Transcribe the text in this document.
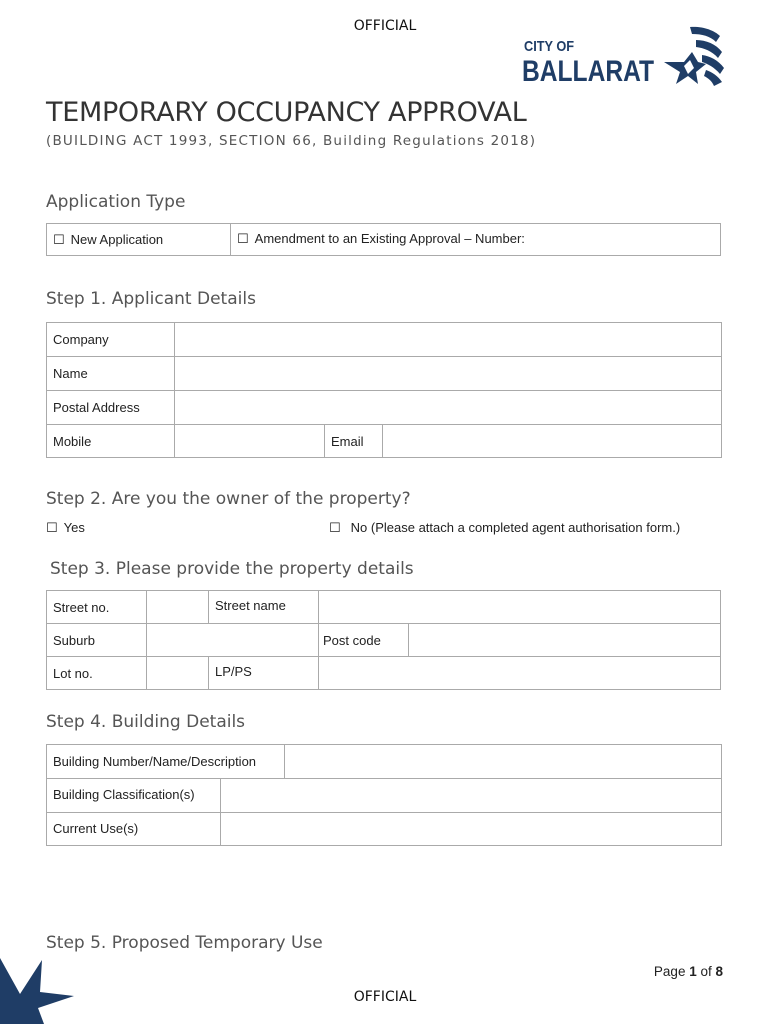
OFFICIAL
CITY OF
BALLARAT
TEMPORARY OCCUPANCY APPROVAL
(BUILDING ACT 1993, SECTION 66, Building Regulations 2018)
Application Type
☐ New Application	☐ Amendment to an Existing Approval – Number:
Step 1. Applicant Details
Company			
Name			
Postal Address			
Mobile		Email	
Step 2. Are you the owner of the property?
☐ Yes	☐ No (Please attach a completed agent authorisation form.)
Step 3. Please provide the property details
Street no.		Street name	
Suburb			Post code

Lot no.		LP/PS	
Step 4. Building Details
Building Number/Name/Description	
Building Classification(s)	
Current Use(s)	
Step 5. Proposed Temporary Use
Page 1 of 8
OFFICIAL
